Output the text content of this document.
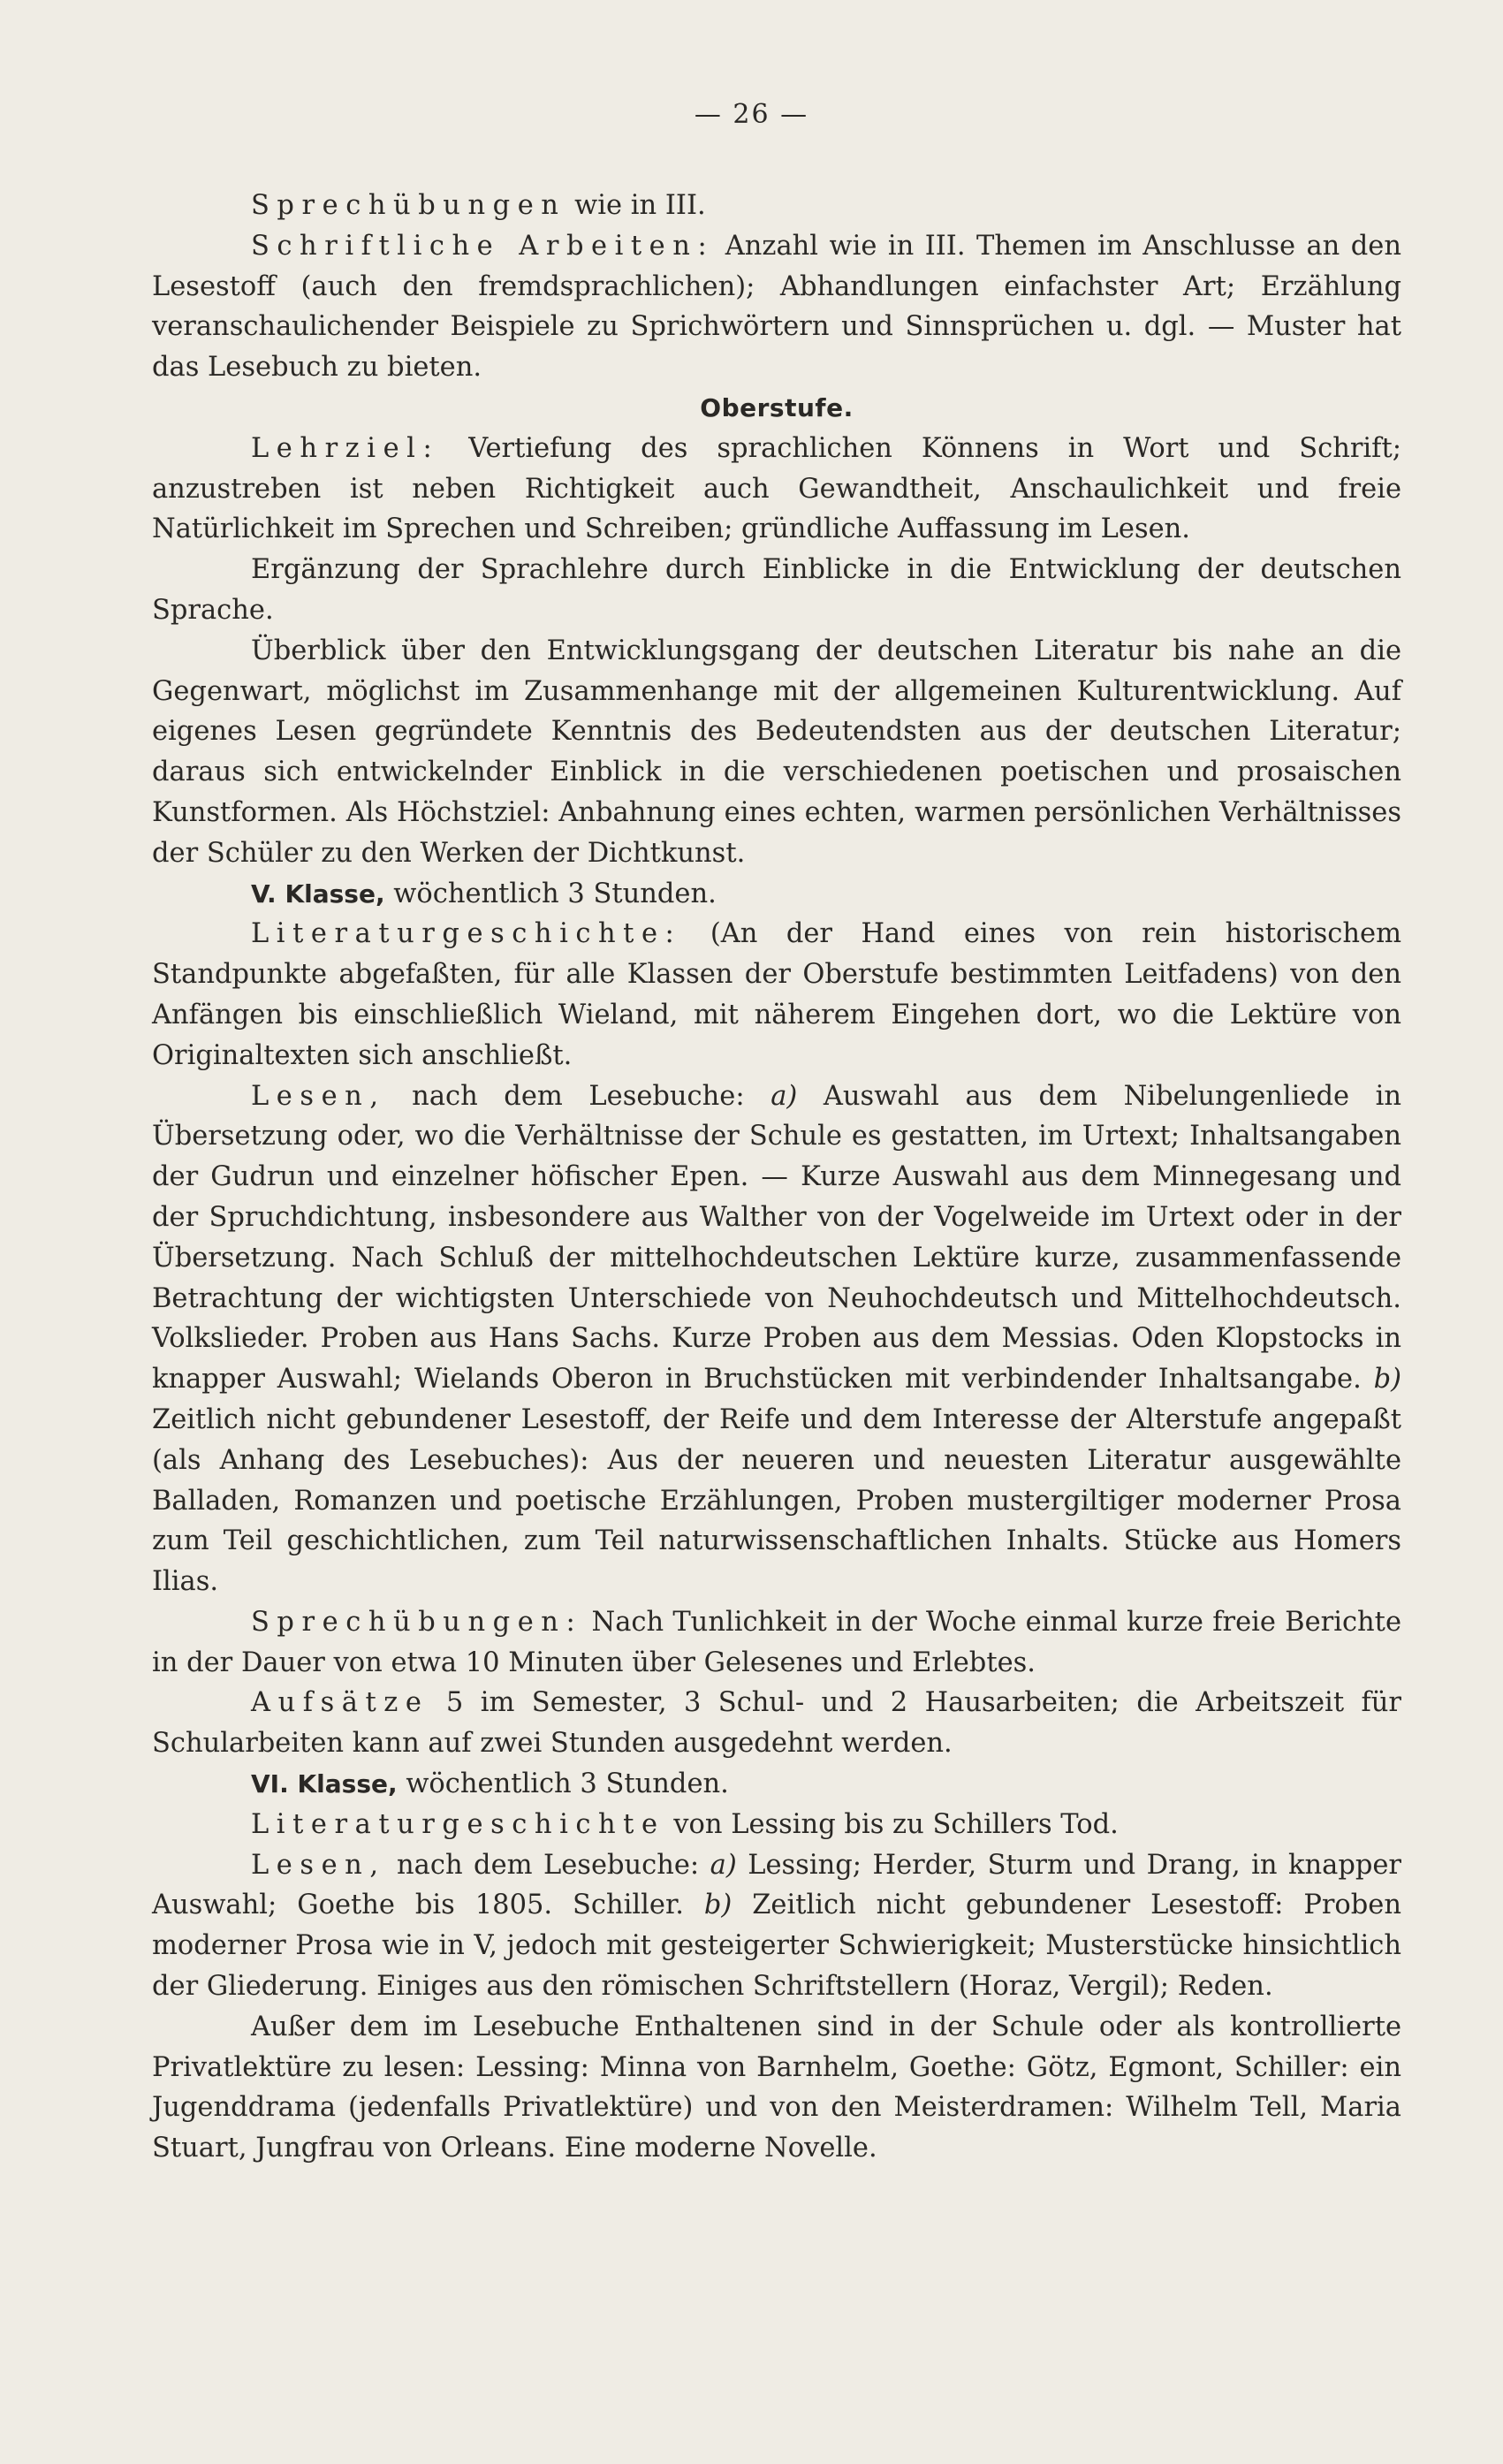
— 26 —

Sprechübungen wie in III.

Schriftliche Arbeiten: Anzahl wie in III. Themen im Anschlusse an den Lesestoff (auch den fremdsprachlichen); Abhandlungen einfachster Art; Erzählung veranschaulichender Beispiele zu Sprichwörtern und Sinnsprüchen u. dgl. — Muster hat das Lesebuch zu bieten.

Oberstufe.

Lehrziel: Vertiefung des sprachlichen Könnens in Wort und Schrift; anzustreben ist neben Richtigkeit auch Gewandtheit, Anschaulichkeit und freie Natürlichkeit im Sprechen und Schreiben; gründliche Auffassung im Lesen.

Ergänzung der Sprachlehre durch Einblicke in die Entwicklung der deutschen Sprache.

Überblick über den Entwicklungsgang der deutschen Literatur bis nahe an die Gegenwart, möglichst im Zusammenhange mit der allgemeinen Kulturentwicklung. Auf eigenes Lesen gegründete Kenntnis des Bedeutendsten aus der deutschen Literatur; daraus sich entwickelnder Einblick in die verschiedenen poetischen und prosaischen Kunstformen. Als Höchstziel: Anbahnung eines echten, warmen persönlichen Verhältnisses der Schüler zu den Werken der Dichtkunst.

V. Klasse, wöchentlich 3 Stunden.

Literaturgeschichte: (An der Hand eines von rein historischem Standpunkte abgefaßten, für alle Klassen der Oberstufe bestimmten Leitfadens) von den Anfängen bis einschließlich Wieland, mit näherem Eingehen dort, wo die Lektüre von Originaltexten sich anschließt.

Lesen, nach dem Lesebuche: a) Auswahl aus dem Nibelungenliede in Übersetzung oder, wo die Verhältnisse der Schule es gestatten, im Urtext; Inhaltsangaben der Gudrun und einzelner höfischer Epen. — Kurze Auswahl aus dem Minnegesang und der Spruchdichtung, insbesondere aus Walther von der Vogelweide im Urtext oder in der Übersetzung. Nach Schluß der mittelhochdeutschen Lektüre kurze, zusammenfassende Betrachtung der wichtigsten Unterschiede von Neuhochdeutsch und Mittelhochdeutsch. Volkslieder. Proben aus Hans Sachs. Kurze Proben aus dem Messias. Oden Klopstocks in knapper Auswahl; Wielands Oberon in Bruchstücken mit verbindender Inhaltsangabe. b) Zeitlich nicht gebundener Lesestoff, der Reife und dem Interesse der Alterstufe angepaßt (als Anhang des Lesebuches): Aus der neueren und neuesten Literatur ausgewählte Balladen, Romanzen und poetische Erzählungen, Proben mustergiltiger moderner Prosa zum Teil geschichtlichen, zum Teil naturwissenschaftlichen Inhalts. Stücke aus Homers Ilias.

Sprechübungen: Nach Tunlichkeit in der Woche einmal kurze freie Berichte in der Dauer von etwa 10 Minuten über Gelesenes und Erlebtes.

Aufsätze 5 im Semester, 3 Schul- und 2 Hausarbeiten; die Arbeitszeit für Schularbeiten kann auf zwei Stunden ausgedehnt werden.

VI. Klasse, wöchentlich 3 Stunden.

Literaturgeschichte von Lessing bis zu Schillers Tod.

Lesen, nach dem Lesebuche: a) Lessing; Herder, Sturm und Drang, in knapper Auswahl; Goethe bis 1805. Schiller. b) Zeitlich nicht gebundener Lesestoff: Proben moderner Prosa wie in V, jedoch mit gesteigerter Schwierigkeit; Musterstücke hinsichtlich der Gliederung. Einiges aus den römischen Schriftstellern (Horaz, Vergil); Reden.

Außer dem im Lesebuche Enthaltenen sind in der Schule oder als kontrollierte Privatlektüre zu lesen: Lessing: Minna von Barnhelm, Goethe: Götz, Egmont, Schiller: ein Jugenddrama (jedenfalls Privatlektüre) und von den Meisterdramen: Wilhelm Tell, Maria Stuart, Jungfrau von Orleans. Eine moderne Novelle.
